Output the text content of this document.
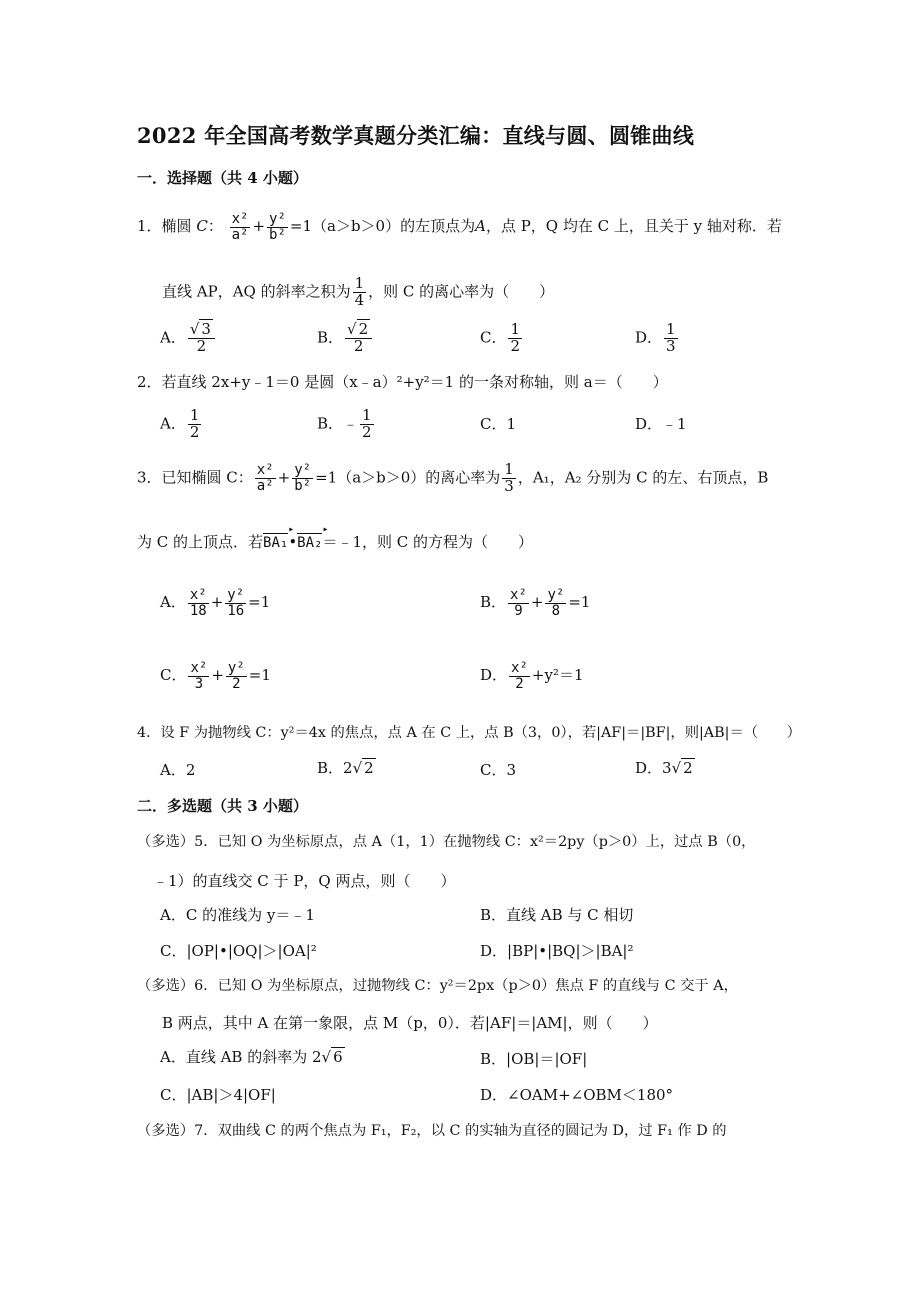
2022 年全国高考数学真题分类汇编：直线与圆、圆锥曲线
一．选择题（共 4 小题）
1．椭圆 C： $\frac{\text{x²}}{\text{a²}} + \frac{\text{y²}}{\text{b²}} =1(a>b>0)$的左顶点为A，点 P，Q 均在 C 上，且关于 y 轴对称．若
直线 AP，AQ 的斜率之积为 $\frac{1}{4}$ ，则 C 的离心率为（　　）
A． $\frac{√ 3}{2}$	B． $\frac{√ 2}{2}$	C． $\frac{1}{2}$	D． $\frac{1}{3}$
2．若直线 2x+y﹣1＝0 是圆（x﹣a）²+y²＝1 的一条对称轴，则 a＝（　　）
A． $\frac{1}{2}$	B．﹣ $\frac{1}{2}$	C．1	D．﹣1
3．已知椭圆 C： $\frac{\text{x²}}{\text{a²}} + \frac{\text{y²}}{\text{b²}} =1(a>b>0)$的离心率为 $\frac{1}{3}$ ，A₁，A₂ 分别为 C 的左、右顶点，B
为 C 的上顶点．若BA₁ ▸•BA₂ ▸＝﹣1，则 C 的方程为（　　）
A． $\frac{\text{x²}}{18} + \frac{\text{y²}}{16} =1$	B． $\frac{\text{x²}}{9} + \frac{\text{y²}}{8} =1$
C． $\frac{\text{x²}}{3} + \frac{\text{y²}}{2} =1$	D． $\frac{\text{x²}}{2} +y^2=1$
4．设 F 为抛物线 C：y²＝4x 的焦点，点 A 在 C 上，点 B（3，0），若|AF|＝|BF|，则|AB|＝（　　）
A．2	B．2√ 2	C．3	D．3√ 2
二．多选题（共 3 小题）
（多选）5．已知 O 为坐标原点，点 A（1，1）在抛物线 C：x²＝2py（p＞0）上，过点 B（0，
﹣1）的直线交 C 于 P，Q 两点，则（　　）
A．C 的准线为 y＝﹣1	B．直线 AB 与 C 相切
C．|OP|•|OQ|＞|OA|²	D．|BP|•|BQ|＞|BA|²
（多选）6．已知 O 为坐标原点，过抛物线 C：y²＝2px（p＞0）焦点 F 的直线与 C 交于 A，
B 两点，其中 A 在第一象限，点 M（p，0）．若|AF|＝|AM|，则（　　）
A．直线 AB 的斜率为 2√ 6	B．|OB|＝|OF|
C．|AB|＞4|OF|	D．∠OAM+∠OBM＜180°
（多选）7．双曲线 C 的两个焦点为 F₁，F₂，以 C 的实轴为直径的圆记为 D，过 F₁ 作 D 的
